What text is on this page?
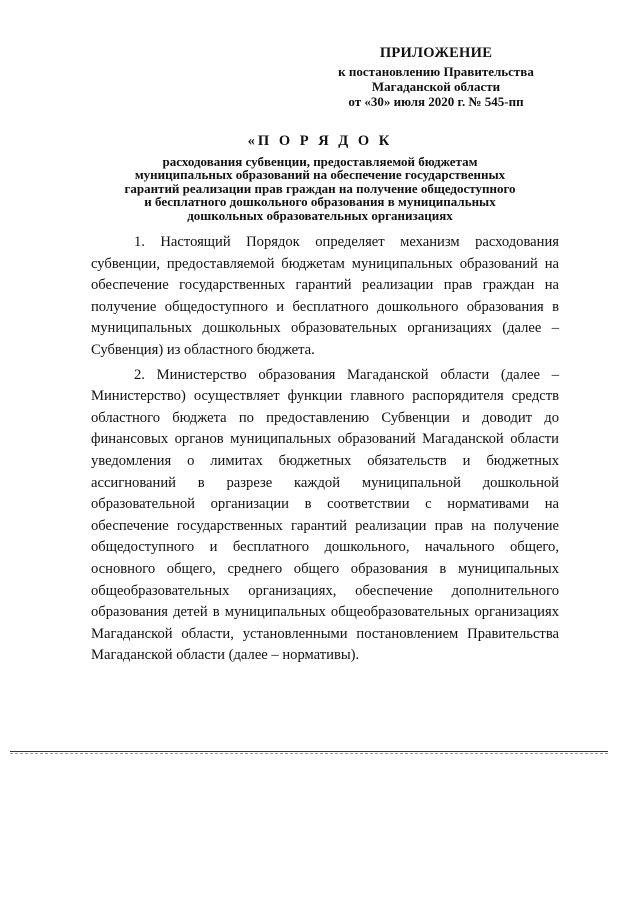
ПРИЛОЖЕНИЕ
к постановлению Правительства
Магаданской области
от «30» июля 2020 г. № 545-пп
«П О Р Я Д О К
расходования субвенции, предоставляемой бюджетам
муниципальных образований на обеспечение государственных
гарантий реализации прав граждан на получение общедоступного
и бесплатного дошкольного образования в муниципальных
дошкольных образовательных организациях

1. Настоящий Порядок определяет механизм расходования субвенции, предоставляемой бюджетам муниципальных образований на обеспечение государственных гарантий реализации прав граждан на получение общедоступного и бесплатного дошкольного образования в муниципальных дошкольных образовательных организациях (далее – Субвенция) из областного бюджета.

2. Министерство образования Магаданской области (далее – Министерство) осуществляет функции главного распорядителя средств областного бюджета по предоставлению Субвенции и доводит до финансовых органов муниципальных образований Магаданской области уведомления о лимитах бюджетных обязательств и бюджетных ассигнований в разрезе каждой муниципальной дошкольной образовательной организации в соответствии с нормативами на обеспечение государственных гарантий реализации прав на получение общедоступного и бесплатного дошкольного, начального общего, основного общего, среднего общего образования в муниципальных общеобразовательных организациях, обеспечение дополнительного образования детей в муниципальных общеобразовательных организациях Магаданской области, установленными постановлением Правительства Магаданской области (далее – нормативы).
